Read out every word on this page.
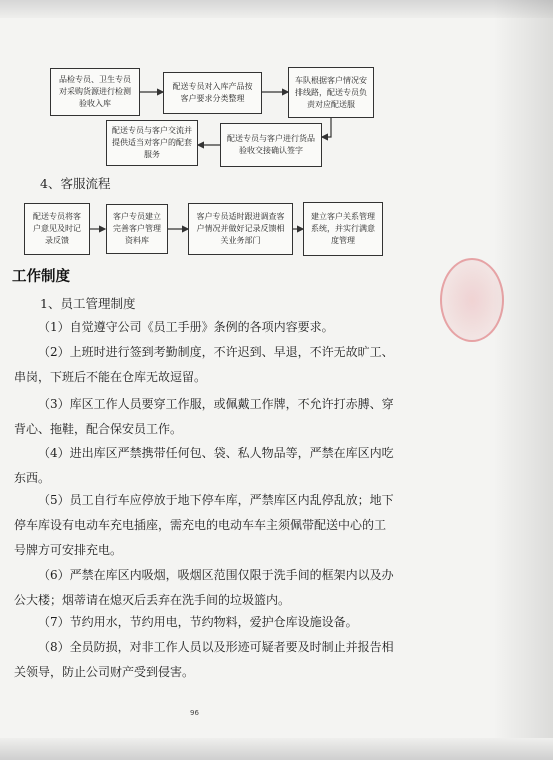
品检专员、卫生专员对采购货源进行检测验收入库
配送专员对入库产品按客户要求分类整理
车队根据客户情况安排线路，配送专员负责对应配送服
配送专员与客户进行货品验收交接确认签字
配送专员与客户交流并提供适当对客户的配套服务
4、客服流程
配送专员将客户意见及时记录反馈
客户专员建立完善客户管理资料库
客户专员适时跟进调查客户情况并做好记录反馈相关业务部门
建立客户关系管理系统，并实行满意度管理
工作制度
1、员工管理制度

（1）自觉遵守公司《员工手册》条例的各项内容要求。

（2）上班时进行签到考勤制度，不许迟到、早退，不许无故旷工、串岗，下班后不能在仓库无故逗留。

（3）库区工作人员要穿工作服，或佩戴工作牌，不允许打赤膊、穿背心、拖鞋，配合保安员工作。

（4）进出库区严禁携带任何包、袋、私人物品等，严禁在库区内吃东西。

（5）员工自行车应停放于地下停车库，严禁库区内乱停乱放；地下停车库设有电动车充电插座，需充电的电动车车主须佩带配送中心的工号牌方可安排充电。

（6）严禁在库区内吸烟，吸烟区范围仅限于洗手间的框架内以及办公大楼；烟蒂请在熄灭后丢弃在洗手间的垃圾篮内。

（7）节约用水，节约用电，节约物料，爱护仓库设施设备。

（8）全员防损，对非工作人员以及形迹可疑者要及时制止并报告相关领导，防止公司财产受到侵害。

96
